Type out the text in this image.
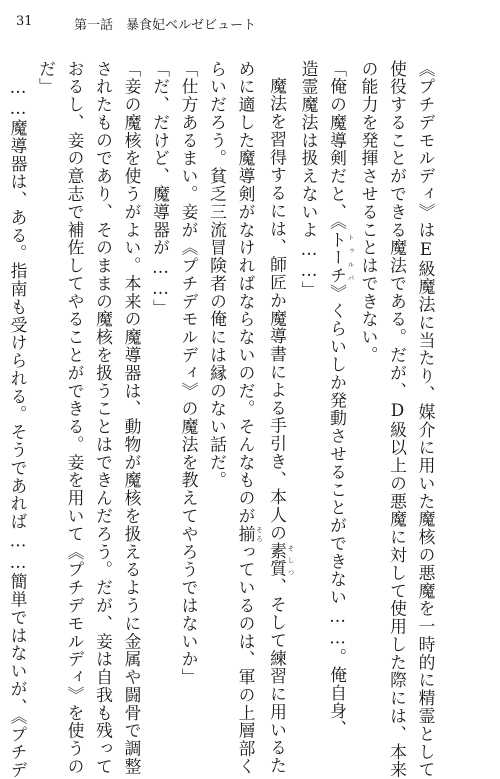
31	第一話　暴食妃ベルゼビュート
《プチデモルディ》はE級魔法に当たり、媒介に用いた魔核の悪魔を一時的に精霊として
使役することができる魔法である。だが、D級以上の悪魔に対して使用した際には、本来
の能力を発揮させることはできない。
「俺の魔導剣だと、《トーチ トゥルパ》くらいしか発動させることができない……。俺自身、
造霊魔法は扱えないよ……」
魔法を習得するには、師匠か魔導書による手引き、本人の素質 そしつ、そして練習に用いるた
めに適した魔導剣がなければならないのだ。そんなものが揃 そろっているのは、軍の上層部く
らいだろう。貧乏三流冒険者の俺には縁のない話だ。
「仕方あるまい。妾が《プチデモルディ》の魔法を教えてやろうではないか」
「だ、だけど、魔導器が……」
「妾の魔核を使うがよい。本来の魔導器は、動物が魔核を扱えるように金属や闘骨で調整
されたものであり、そのままの魔核を扱うことはできんだろう。だが、妾は自我も残って
おるし、妾の意志で補佐してやることができる。妾を用いて《プチデモルディ》を使うの
だ」
……魔導器は、ある。指南も受けられる。そうであれば……簡単ではないが、《プチデ
